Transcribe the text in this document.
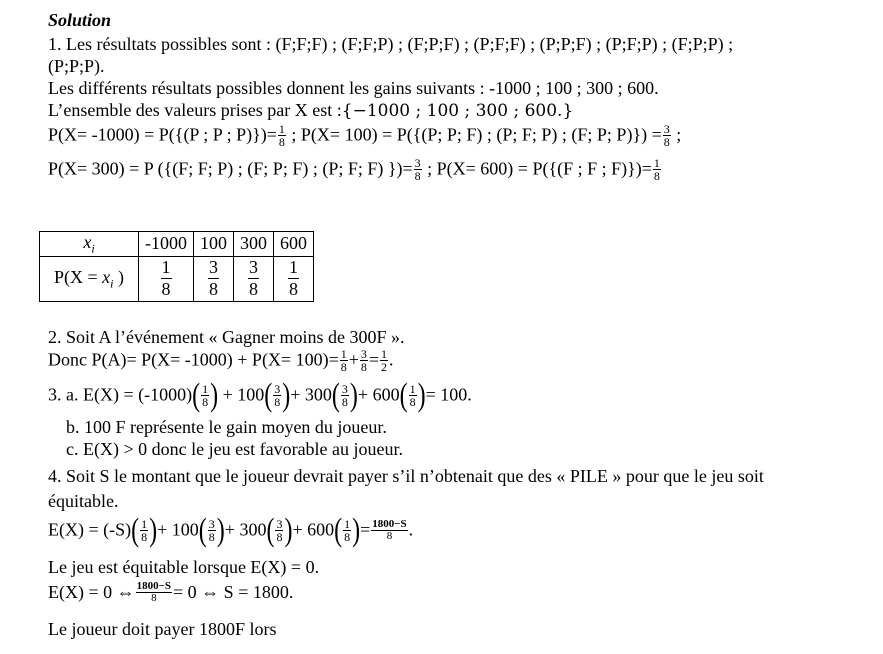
Solution
1. Les résultats possibles sont : (F;F;F) ; (F;F;P) ; (F;P;F) ; (P;F;F) ; (P;P;F) ; (P;F;P) ; (F;P;P) ;
(P;P;P).
Les différents résultats possibles donnent les gains suivants : -1000 ; 100 ; 300 ; 600.
L’ensemble des valeurs prises par X est :{−1000 ; 100 ; 300 ; 600.}
P(X= -1000) = P({(P ; P ; $P)\})= \frac{1}{8}$ ; P(X= 100) = P({(P; P; F) ; (P; F; P) ; (F; P; $P)\}) = \frac{3}{8}$ ;
P(X= 300) = P ({(F; F; P) ; (F; P; F) ; (P; F; F) })= $\frac{3}{8}$ ; P(X= 600) = P({(F ; F ; $F)\})= \frac{1}{8}$
$x_i$	-1000	100	300	600
$P(X = x_i$ )	$\frac{1}{8}$	$\frac{3}{8}$	$\frac{3}{8}$	$\frac{1}{8}$
2. Soit A l’événement « Gagner moins de 300F ».
Donc $P(A)= P(X= -1000) + P(X= 100)= \frac{1}{8} + \frac{3}{8} = \frac{1}{2}$ .
3. a. $E(X) = (-1000)( \frac{1}{8}$ ) + $100( \frac{3}{8}$ )+ $300( \frac{3}{8}$ )+ $600( \frac{1}{8}$ )= 100.
b. 100 F représente le gain moyen du joueur.
c. E(X) > 0 donc le jeu est favorable au joueur.
4. Soit S le montant que le joueur devrait payer s’il n’obtenait que des « PILE » pour que le jeu soit
équitable.
$E(X) = (-S)( \frac{1}{8}$ )+ $100( \frac{3}{8}$ )+ $300( \frac{3}{8}$ )+ $600( \frac{1}{8}$ )= $\frac{1800-S}{8}$ .
Le jeu est équitable lorsque E(X) = 0.
E(X) = 0 ⇔ $\frac{1800-S}{8} = 0$ ⇔ S = 1800.
Le joueur doit payer 1800F lors
